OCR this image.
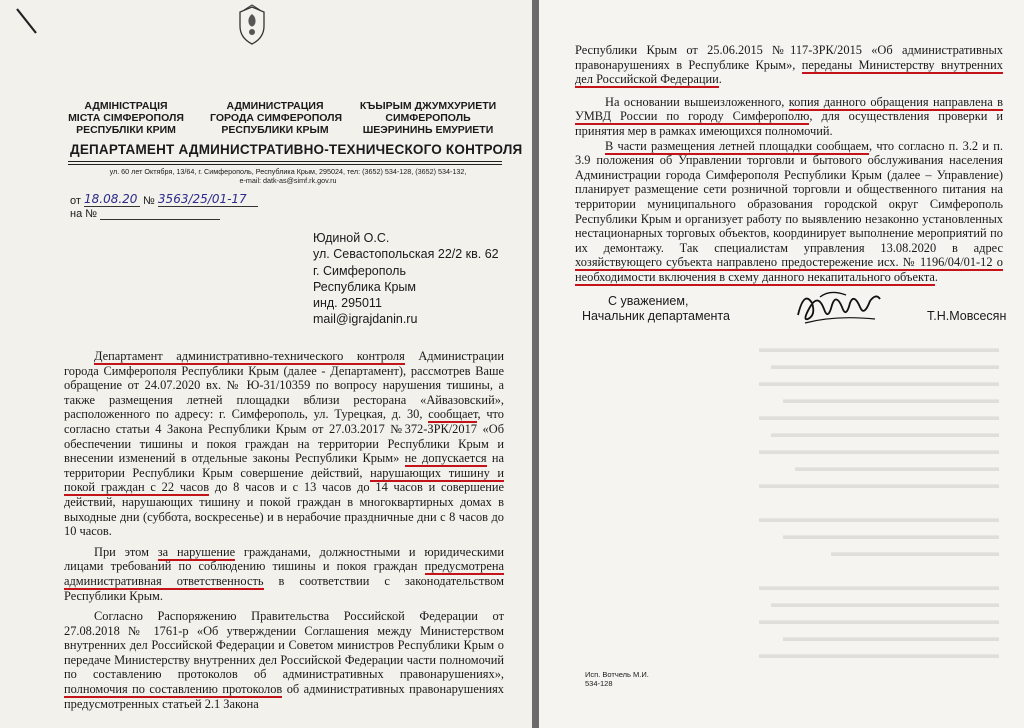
АДМІНІСТРАЦІЯ
МІСТА СІМФЕРОПОЛЯ
РЕСПУБЛІКИ КРИМ
АДМИНИСТРАЦИЯ
ГОРОДА СИМФЕРОПОЛЯ
РЕСПУБЛИКИ КРЫМ
КЪЫРЫМ ДЖУМХУРИЕТИ
СИМФЕРОПОЛЬ
ШЕЭРИНИНЬ ЕМУРИЕТИ
ДЕПАРТАМЕНТ АДМИНИСТРАТИВНО-ТЕХНИЧЕСКОГО КОНТРОЛЯ
ул. 60 лет Октября, 13/64, г. Симферополь, Республика Крым, 295024, тел: (3652) 534-128, (3652) 534-132,
e-mail: datk-as@simf.rk.gov.ru
от 18.08.20 № 3563/25/01-17
на №
Юдиной О.С.
ул. Севастопольская 22/2 кв. 62
г. Симферополь
Республика Крым
инд. 295011
mail@igrajdanin.ru

Департамент административно-технического контроля Администрации города Симферополя Республики Крым (далее - Департамент), рассмотрев Ваше обращение от 24.07.2020 вх. № Ю-31/10359 по вопросу нарушения тишины, а также размещения летней площадки вблизи ресторана «Айвазовский», расположенного по адресу: г. Симферополь, ул. Турецкая, д. 30, сообщает, что согласно статьи 4 Закона Республики Крым от 27.03.2017 №372-ЗРК/2017 «Об обеспечении тишины и покоя граждан на территории Республики Крым и внесении изменений в отдельные законы Республики Крым» не допускается на территории Республики Крым совершение действий, нарушающих тишину и покой граждан с 22 часов до 8 часов и с 13 часов до 14 часов и совершение действий, нарушающих тишину и покой граждан в многоквартирных домах в выходные дни (суббота, воскресенье) и в нерабочие праздничные дни с 8 часов до 10 часов.

При этом за нарушение гражданами, должностными и юридическими лицами требований по соблюдению тишины и покоя граждан предусмотрена административная ответственность в соответствии с законодательством Республики Крым.

Согласно Распоряжению Правительства Российской Федерации от 27.08.2018 № 1761-р «Об утверждении Соглашения между Министерством внутренних дел Российской Федерации и Советом министров Республики Крым о передаче Министерству внутренних дел Российской Федерации части полномочий по составлению протоколов об административных правонарушениях», полномочия по составлению протоколов об административных правонарушениях предусмотренных статьей 2.1 Закона

▬▬▬▬▬▬▬▬▬▬▬▬▬▬▬▬▬▬▬▬
▬▬▬▬▬▬▬▬▬▬▬▬▬▬▬▬▬▬▬
▬▬▬▬▬▬▬▬▬▬▬▬▬▬▬▬▬▬▬▬
▬▬▬▬▬▬▬▬▬▬▬▬▬▬▬▬▬▬
▬▬▬▬▬▬▬▬▬▬▬▬▬▬▬▬▬▬▬▬
▬▬▬▬▬▬▬▬▬▬▬▬▬▬▬▬▬▬▬
▬▬▬▬▬▬▬▬▬▬▬▬▬▬▬▬▬▬▬▬
▬▬▬▬▬▬▬▬▬▬▬▬▬▬▬▬▬
▬▬▬▬▬▬▬▬▬▬▬▬▬▬▬▬▬▬▬▬

▬▬▬▬▬▬▬▬▬▬▬▬▬▬▬▬▬▬▬▬
▬▬▬▬▬▬▬▬▬▬▬▬▬▬▬▬▬▬
▬▬▬▬▬▬▬▬▬▬▬▬▬▬

▬▬▬▬▬▬▬▬▬▬▬▬▬▬▬▬▬▬▬▬
▬▬▬▬▬▬▬▬▬▬▬▬▬▬▬▬▬▬▬
▬▬▬▬▬▬▬▬▬▬▬▬▬▬▬▬▬▬▬▬
▬▬▬▬▬▬▬▬▬▬▬▬▬▬▬▬▬▬
▬▬▬▬▬▬▬▬▬▬▬▬▬▬▬▬▬▬▬▬

Республики Крым от 25.06.2015 №117-ЗРК/2015 «Об административных правонарушениях в Республике Крым», переданы Министерству внутренних дел Российской Федерации.

На основании вышеизложенного, копия данного обращения направлена в УМВД России по городу Симферополю, для осуществления проверки и принятия мер в рамках имеющихся полномочий.

В части размещения летней площадки сообщаем, что согласно п. 3.2 и п. 3.9 положения об Управлении торговли и бытового обслуживания населения Администрации города Симферополя Республики Крым (далее – Управление) планирует размещение сети розничной торговли и общественного питания на территории муниципального образования городской округ Симферополь Республики Крым и организует работу по выявлению незаконно установленных нестационарных торговых объектов, координирует выполнение мероприятий по их демонтажу. Так специалистам управления 13.08.2020 в адрес хозяйствующего субъекта направлено предостережение исх. № 1196/04/01-12 о необходимости включения в схему данного некапитального объекта.

С уважением,
Начальник департамента	Т.Н.Мовсесян
Исп. Вотчель М.И.
534-128
